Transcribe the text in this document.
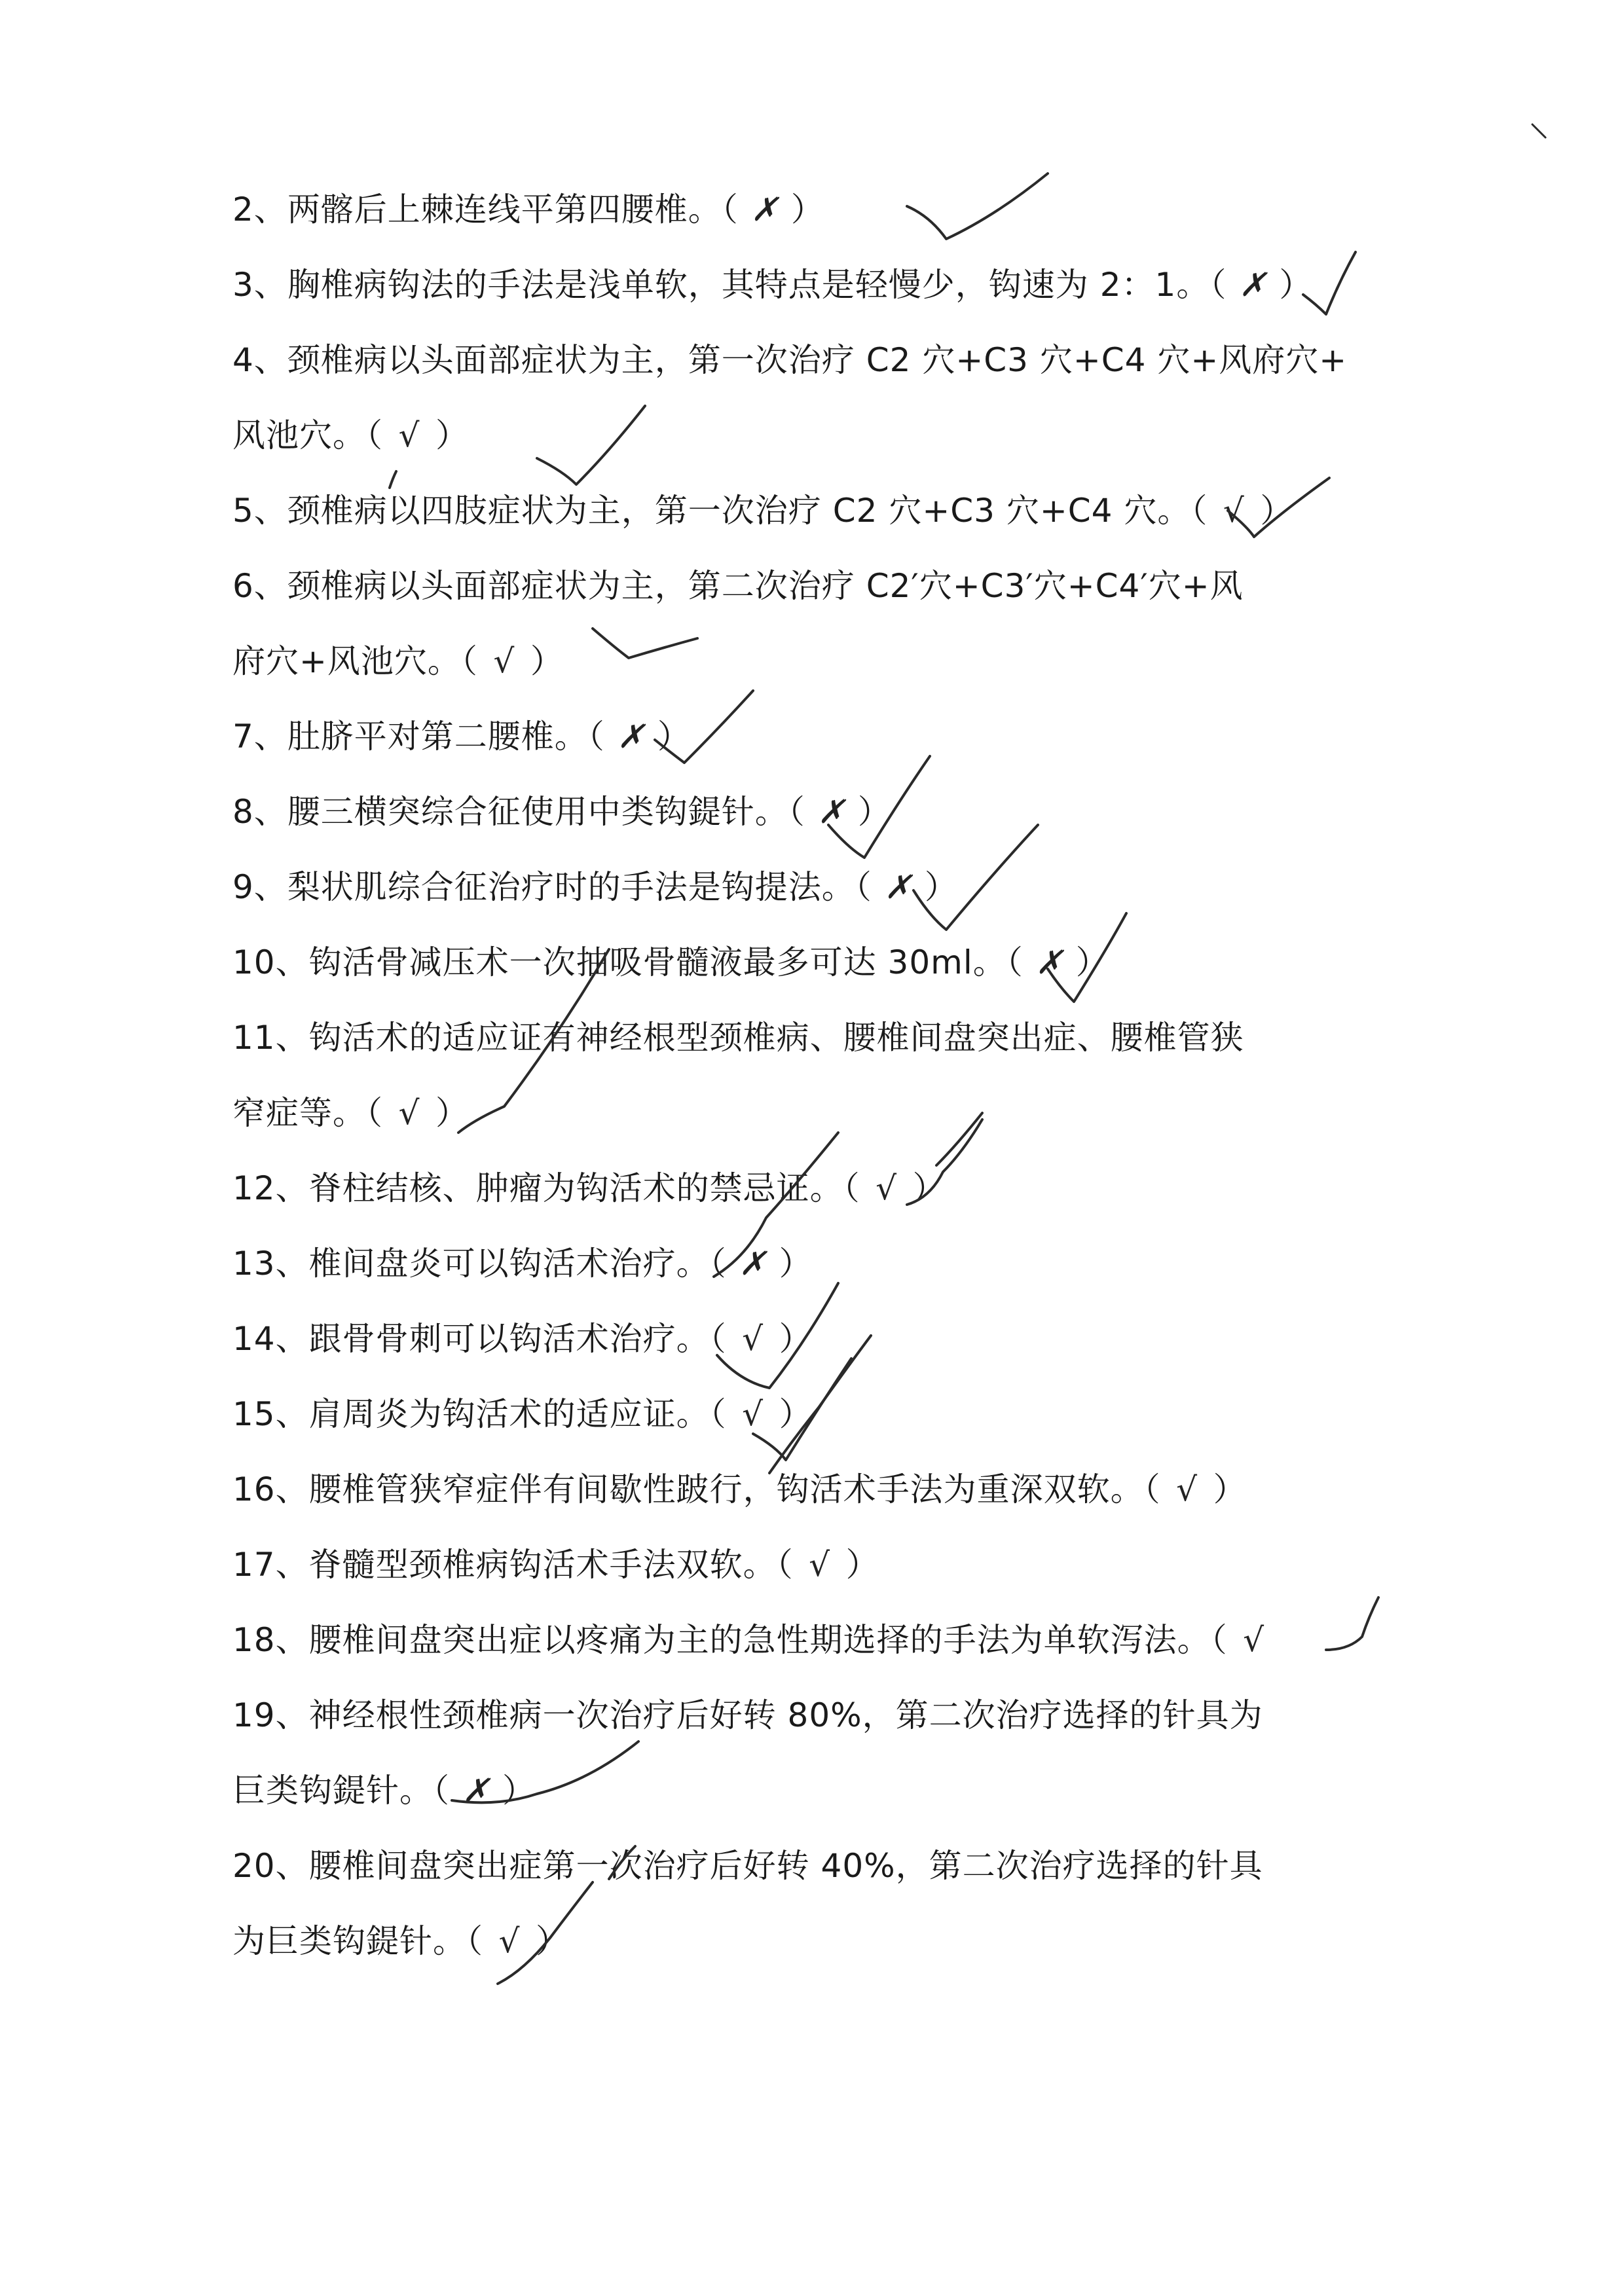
2、两髂后上棘连线平第四腰椎。（ ✗ ）

3、胸椎病钩法的手法是浅单软，其特点是轻慢少，钩速为 2：1。（ ✗ ）

4、颈椎病以头面部症状为主，第一次治疗 C2 穴+C3 穴+C4 穴+风府穴+

风池穴。（ √ ）

5、颈椎病以四肢症状为主，第一次治疗 C2 穴+C3 穴+C4 穴。（ √ ）

6、颈椎病以头面部症状为主，第二次治疗 C2′穴+C3′穴+C4′穴+风

府穴+风池穴。（ √ ）

7、肚脐平对第二腰椎。（ ✗ ）

8、腰三横突综合征使用中类钩鍉针。（ ✗ ）

9、梨状肌综合征治疗时的手法是钩提法。（ ✗ ）

10、钩活骨减压术一次抽吸骨髓液最多可达 30ml。（ ✗ ）

11、钩活术的适应证有神经根型颈椎病、腰椎间盘突出症、腰椎管狭

窄症等。（ √ ）

12、脊柱结核、肿瘤为钩活术的禁忌证。（ √ ）

13、椎间盘炎可以钩活术治疗。（ ✗ ）

14、跟骨骨刺可以钩活术治疗。（ √ ）

15、肩周炎为钩活术的适应证。（ √ ）

16、腰椎管狭窄症伴有间歇性跛行，钩活术手法为重深双软。（ √ ）

17、脊髓型颈椎病钩活术手法双软。（ √ ）

18、腰椎间盘突出症以疼痛为主的急性期选择的手法为单软泻法。（ √

19、神经根性颈椎病一次治疗后好转 80%，第二次治疗选择的针具为

巨类钩鍉针。（ ✗ ）

20、腰椎间盘突出症第一次治疗后好转 40%，第二次治疗选择的针具

为巨类钩鍉针。（ √ ）
